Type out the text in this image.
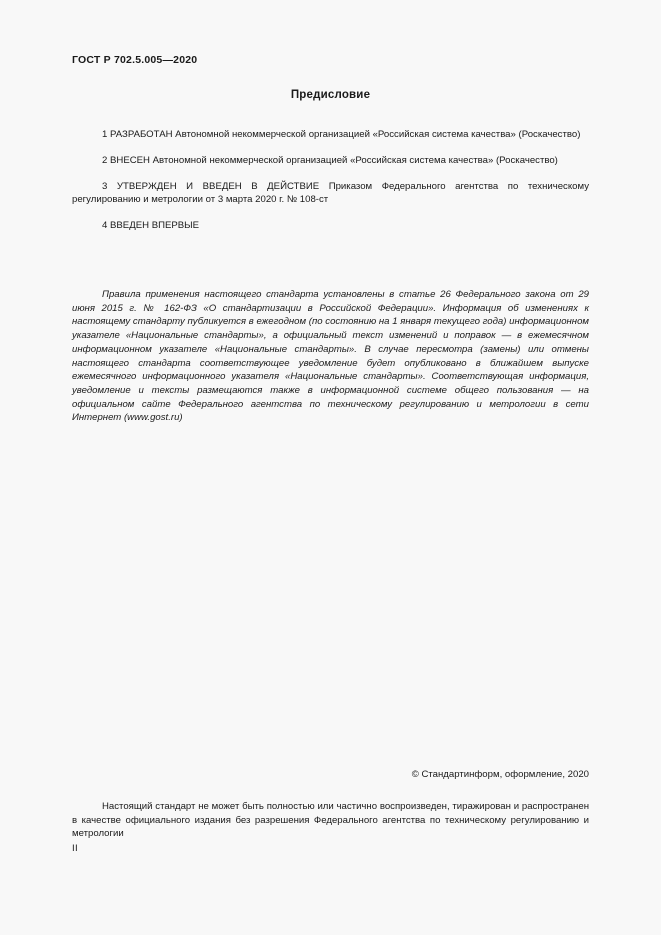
ГОСТ Р 702.5.005—2020
Предисловие

1 РАЗРАБОТАН Автономной некоммерческой организацией «Российская система качества» (Роскачество)

2 ВНЕСЕН Автономной некоммерческой организацией «Российская система качества» (Роскачество)

3 УТВЕРЖДЕН И ВВЕДЕН В ДЕЙСТВИЕ Приказом Федерального агентства по техническому регулированию и метрологии от 3 марта 2020 г. № 108-ст

4 ВВЕДЕН ВПЕРВЫЕ

Правила применения настоящего стандарта установлены в статье 26 Федерального закона от 29 июня 2015 г. № 162-ФЗ «О стандартизации в Российской Федерации». Информация об изменениях к настоящему стандарту публикуется в ежегодном (по состоянию на 1 января текущего года) информационном указателе «Национальные стандарты», а официальный текст изменений и поправок — в ежемесячном информационном указателе «Национальные стандарты». В случае пересмотра (замены) или отмены настоящего стандарта соответствующее уведомление будет опубликовано в ближайшем выпуске ежемесячного информационного указателя «Национальные стандарты». Соответствующая информация, уведомление и тексты размещаются также в информационной системе общего пользования — на официальном сайте Федерального агентства по техническому регулированию и метрологии в сети Интернет (www.gost.ru)
© Стандартинформ, оформление, 2020
Настоящий стандарт не может быть полностью или частично воспроизведен, тиражирован и распространен в качестве официального издания без разрешения Федерального агентства по техническому регулированию и метрологии
II
